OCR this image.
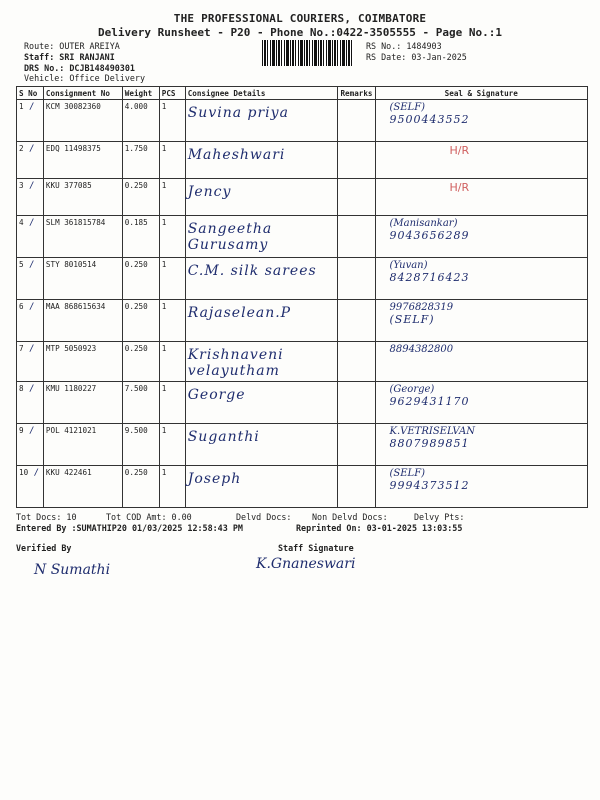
THE PROFESSIONAL COURIERS, COIMBATORE
Delivery Runsheet - P20 - Phone No.:0422-3505555 - Page No.:1
Route: OUTER AREIYA
Staff: SRI RANJANI
DRS No.: DCJB148490301
Vehicle: Office Delivery
RS No.: 1484903
RS Date: 03-Jan-2025
S No	Consignment No	Weight	PCS	Consignee Details	Remarks	Seal & Signature
1 /	KCM 30082360	4.000	1	Suvina priya		(SELF)
9500443552

2 /	EDQ 11498375	1.750	1	Maheshwari		H/R
3 /	KKU 377085	0.250	1	Jency		H/R
4 /	SLM 361815784	0.185	1	Sangeetha Gurusamy		(Manisankar)
9043656289

5 /	STY 8010514	0.250	1	C.M. silk sarees		(Yuvan)
8428716423

6 /	MAA 868615634	0.250	1	Rajaselean.P		9976828319
(SELF)

7 /	MTP 5050923	0.250	1	Krishnaveni velayutham		8894382800

8 /	KMU 1180227	7.500	1	George		(George)
9629431170

9 /	POL 4121021	9.500	1	Suganthi		K.VETRISELVAN
8807989851

10 /	KKU 422461	0.250	1	Joseph		(SELF)
9994373512
Tot Docs: 10	Tot COD Amt: 0.00	Delvd Docs: Non Delvd Docs:	Delvy Pts:
Entered By :SUMATHIP20 01/03/2025 12:58:43 PM	Reprinted On: 03-01-2025 13:03:55
Verified By	Staff Signature
N Sumathi	K.Gnaneswari
